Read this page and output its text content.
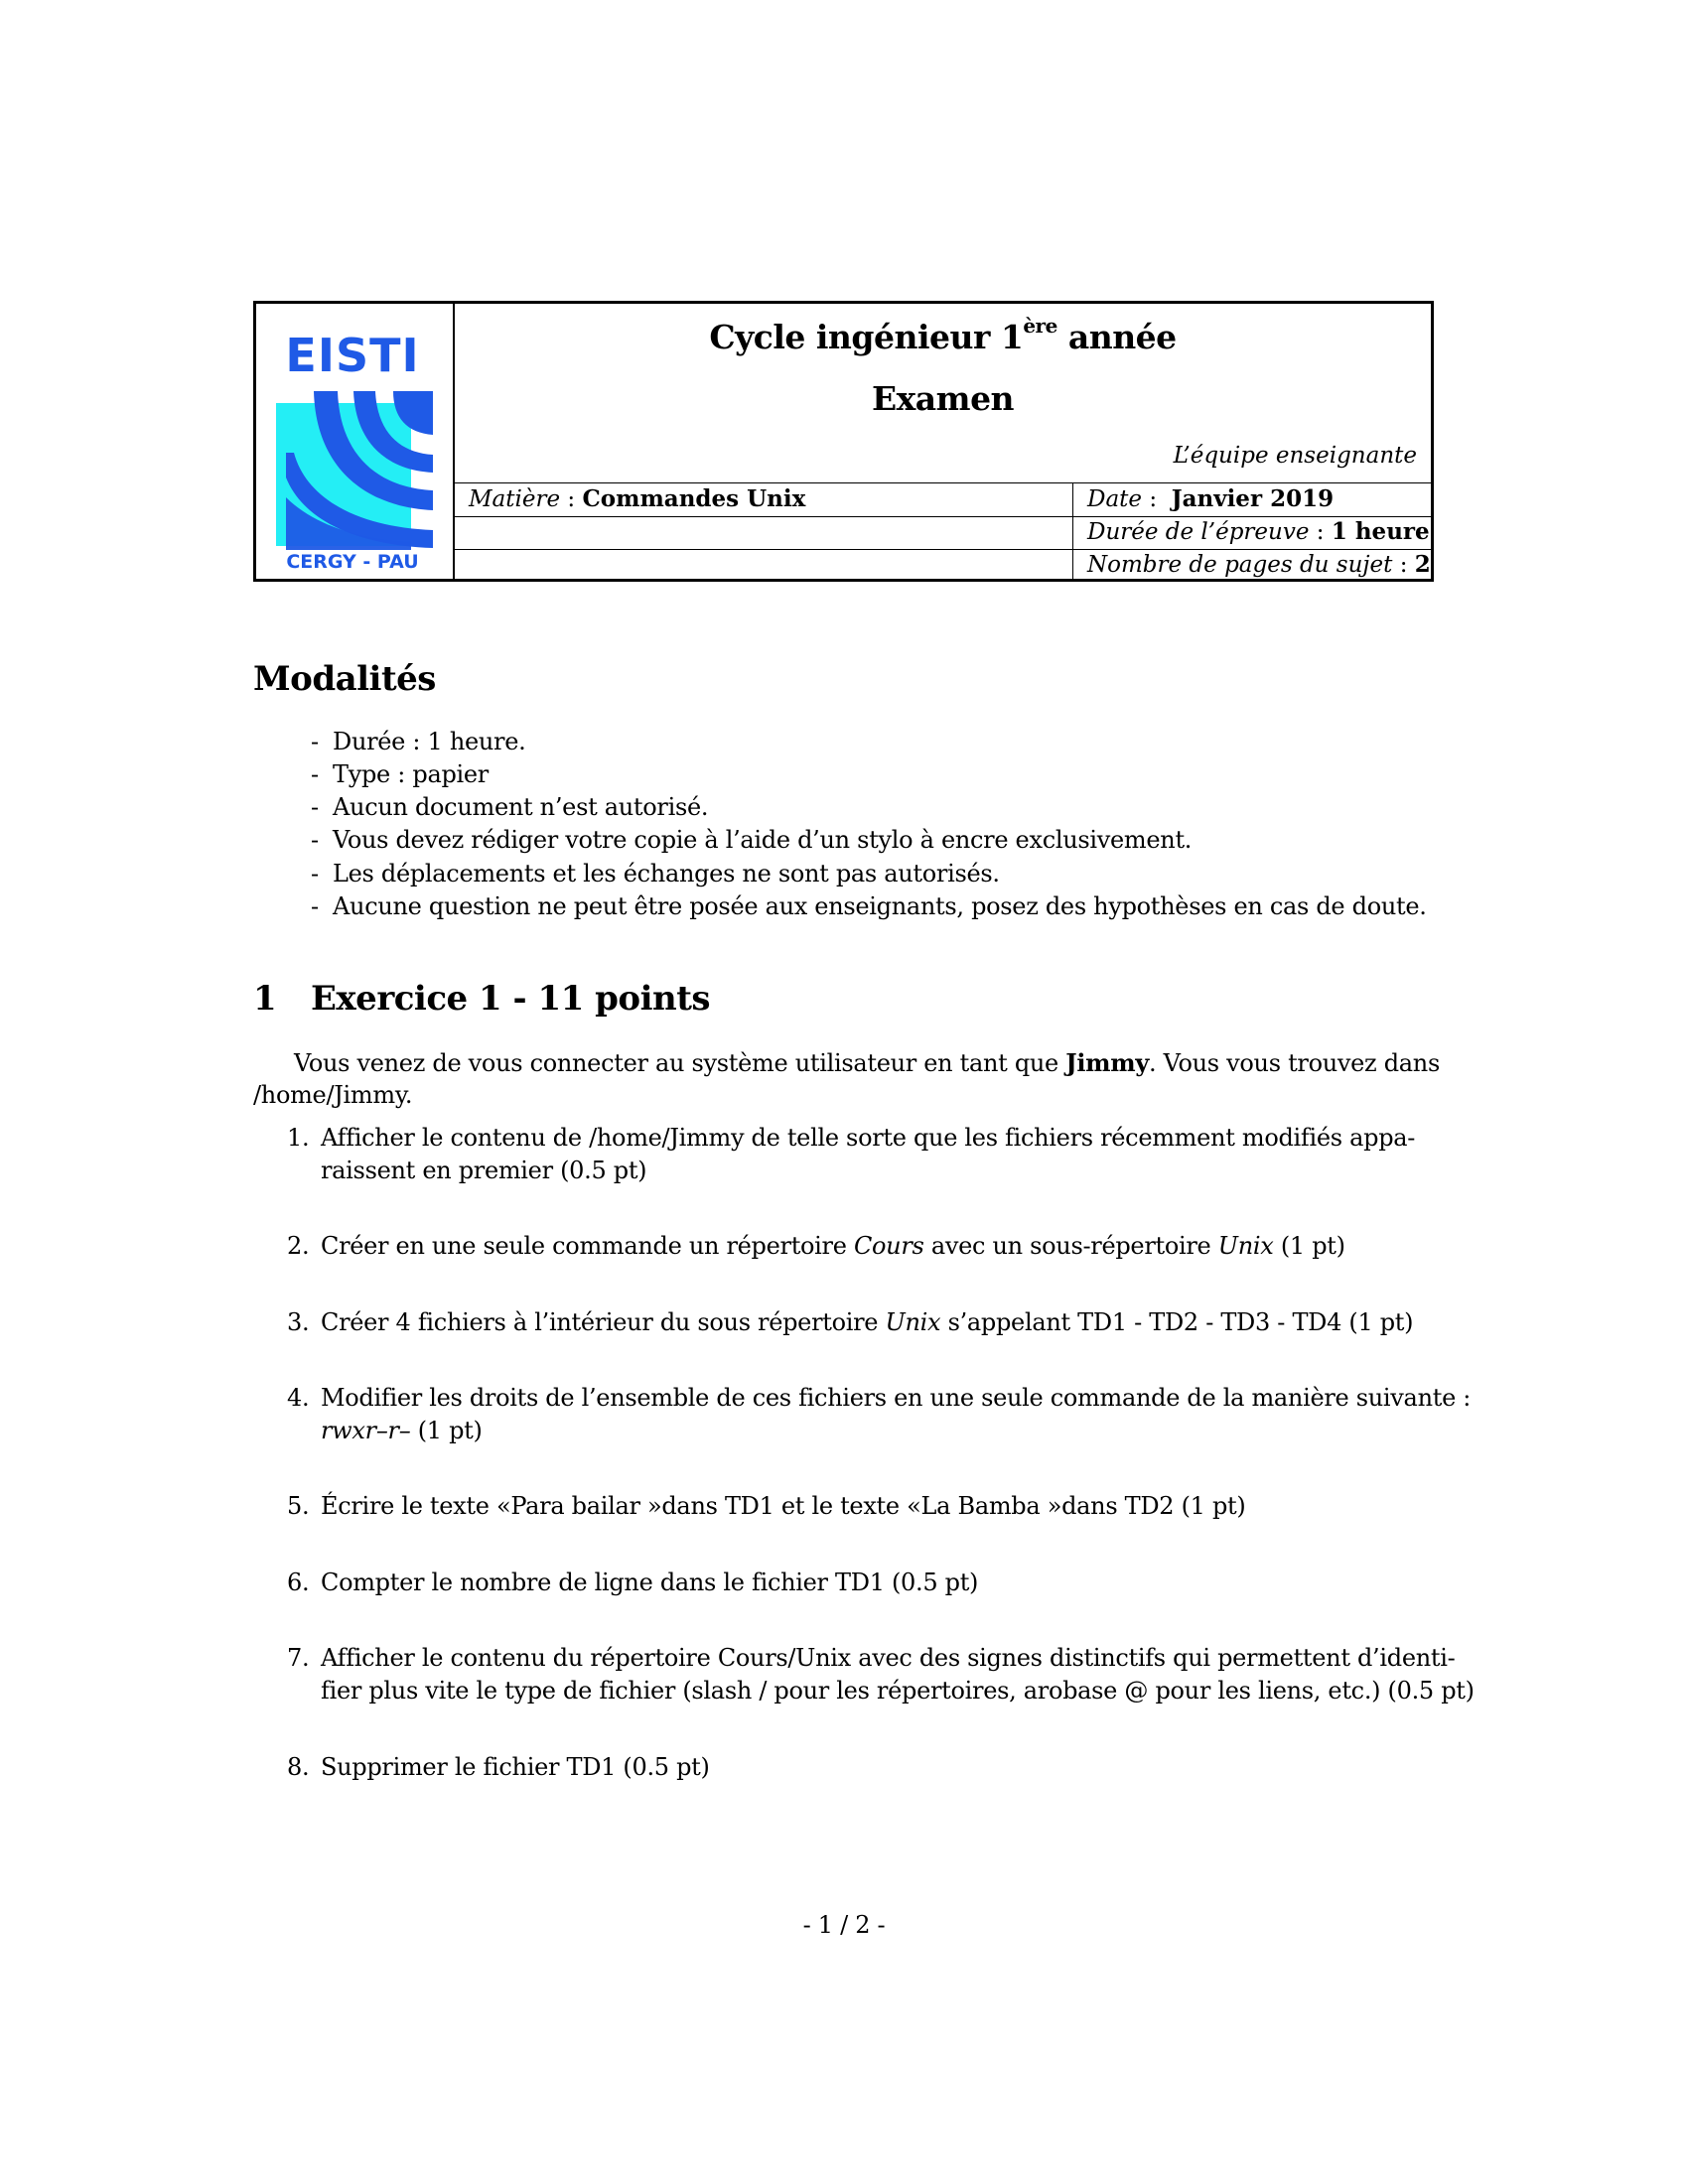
EISTI
CERGY - PAU
Cycle ingénieur 1ère année
Examen
L’équipe enseignante
Matière : Commandes Unix	Date :  Janvier 2019
Durée de l’épreuve : 1 heure
Nombre de pages du sujet : 2
Modalités
- Durée : 1 heure.
- Type : papier
- Aucun document n’est autorisé.
- Vous devez rédiger votre copie à l’aide d’un stylo à encre exclusivement.
- Les déplacements et les échanges ne sont pas autorisés.
- Aucune question ne peut être posée aux enseignants, posez des hypothèses en cas de doute.
1 Exercice 1 - 11 points
Vous venez de vous connecter au système utilisateur en tant que Jimmy. Vous vous trouvez dans
/home/Jimmy.
1. Afficher le contenu de /home/Jimmy de telle sorte que les fichiers récemment modifiés appa-
raissent en premier (0.5 pt)
2. Créer en une seule commande un répertoire Cours avec un sous-répertoire Unix (1 pt)
3. Créer 4 fichiers à l’intérieur du sous répertoire Unix s’appelant TD1 - TD2 - TD3 - TD4 (1 pt)
4. Modifier les droits de l’ensemble de ces fichiers en une seule commande de la manière suivante :
rwxr–r– (1 pt)
5. Écrire le texte «Para bailar »dans TD1 et le texte «La Bamba »dans TD2 (1 pt)
6. Compter le nombre de ligne dans le fichier TD1 (0.5 pt)
7. Afficher le contenu du répertoire Cours/Unix avec des signes distinctifs qui permettent d’identi-
fier plus vite le type de fichier (slash / pour les répertoires, arobase @ pour les liens, etc.) (0.5 pt)
8. Supprimer le fichier TD1 (0.5 pt)
- 1 / 2 -
